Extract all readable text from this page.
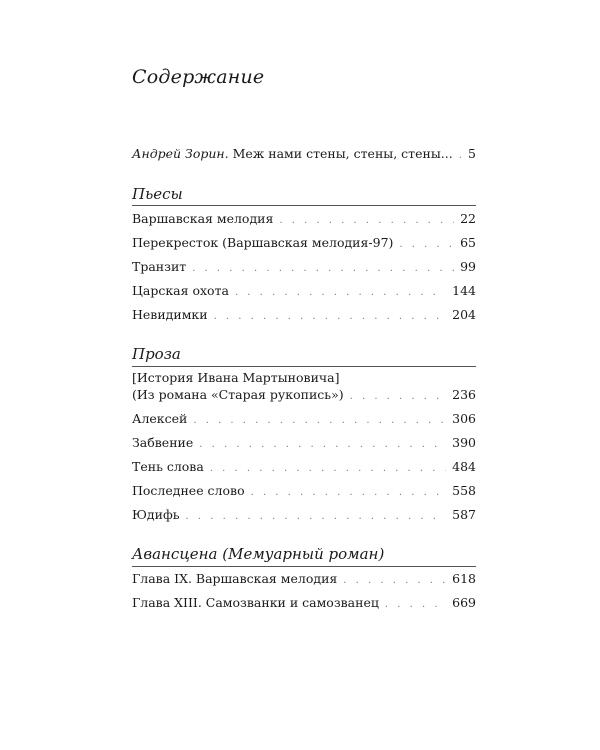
Содержание
Андрей Зорин. Меж нами стены, стены, стены... . . . 5
Пьесы
Варшавская мелодия . . .	22
Перекресток (Варшавская мелодия-97) . . .	65
Транзит . . .	99
Царская охота . . .	144
Невидимки . . .	204
Проза
[История Ивана Мартыновича]
(Из романа «Старая рукопись») . . .	236
Алексей . . .	306
Забвение . . .	390
Тень слова . . .	484
Последнее слово . . .	558
Юдифь . . .	587
Авансцена (Мемуарный роман)
Глава IX. Варшавская мелодия . . .	618
Глава XIII. Самозванки и самозванец . . .	669
